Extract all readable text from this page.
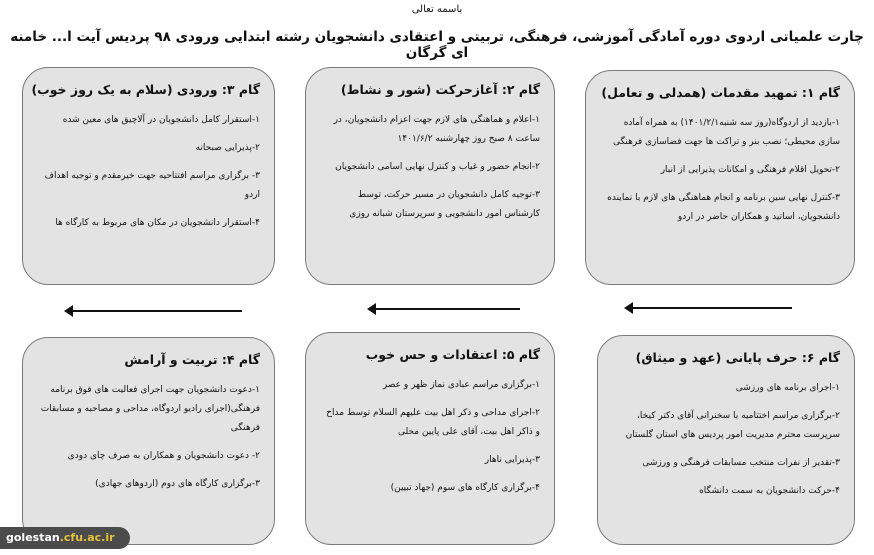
باسمه تعالی
چارت علمیاتی اردوی دوره آمادگی آموزشی، فرهنگی، تربیتی و اعتقادی دانشجویان رشته ابتدایی ورودی ۹۸ پردیس آیت ا... خامنه ای گرگان
گام ۱: تمهید مقدمات (همدلی و تعامل)
۱-بازدید از اردوگاه(روز سه شنبه۱۴۰۱/۲/۱) به همراه آماده سازی محیطی؛ نصب بنر و تراکت ها جهت فضاسازی فرهنگی
۲-تحویل اقلام فرهنگی و امکانات پذیرایی از انبار
۳-کنترل نهایی سین برنامه و انجام هماهنگی های لازم با نماینده دانشجویان، اساتید و همکاران حاضر در اردو
گام ۲: آغازحرکت (شور و نشاط)
۱-اعلام و هماهنگی های لازم جهت اعزام دانشجویان، در ساعت ۸ صبح روز چهارشنبه ۱۴۰۱/۶/۲
۲-انجام حضور و غیاب و کنترل نهایی اسامی دانشجویان
۳-توجیه کامل دانشجویان در مسیر حرکت، توسط کارشناس امور دانشجویی و سرپرستان شبانه روزی
گام ۳: ورودی (سلام به یک روز خوب)
۱-استقرار کامل دانشجویان در آلاچیق های معین شده
۲-پذیرایی صبحانه
۳- برگزاری مراسم افتتاحیه جهت خیرمقدم و توجیه اهداف اردو
۴-استقرار دانشجویان در مکان های مربوط به کارگاه ها
گام ۶: حرف پایانی (عهد و میثاق)
۱-اجرای برنامه های ورزشی
۲-برگزاری مراسم اختتامیه با سخنرانی آقای دکتر کیخا، سرپرست محترم مدیریت امور پردیس های استان گلستان
۳-تقدیر از نفرات منتخب مسابقات فرهنگی و ورزشی
۴-حرکت دانشجویان به سمت دانشگاه
گام ۵: اعتقادات و حس خوب
۱-برگزاری مراسم عبادی نماز ظهر و عصر
۲-اجرای مداحی و ذکر اهل بیت علیهم السلام توسط مداح و ذاکر اهل بیت، آقای علی پایین محلی
۳-پذیرایی ناهار
۴-برگزاری کارگاه های سوم (جهاد تبیین)
گام ۴: تربیت و آرامش
۱-دعوت دانشجویان جهت اجرای فعالیت های فوق برنامه فرهنگی(اجرای رادیو اردوگاه، مداحی و مصاحبه و مسابقات فرهنگی
۲- دعوت دانشجویان و همکاران به صرف چای دودی
۳-برگزاری کارگاه های دوم (اردوهای جهادی)
golestan.cfu.ac.ir
